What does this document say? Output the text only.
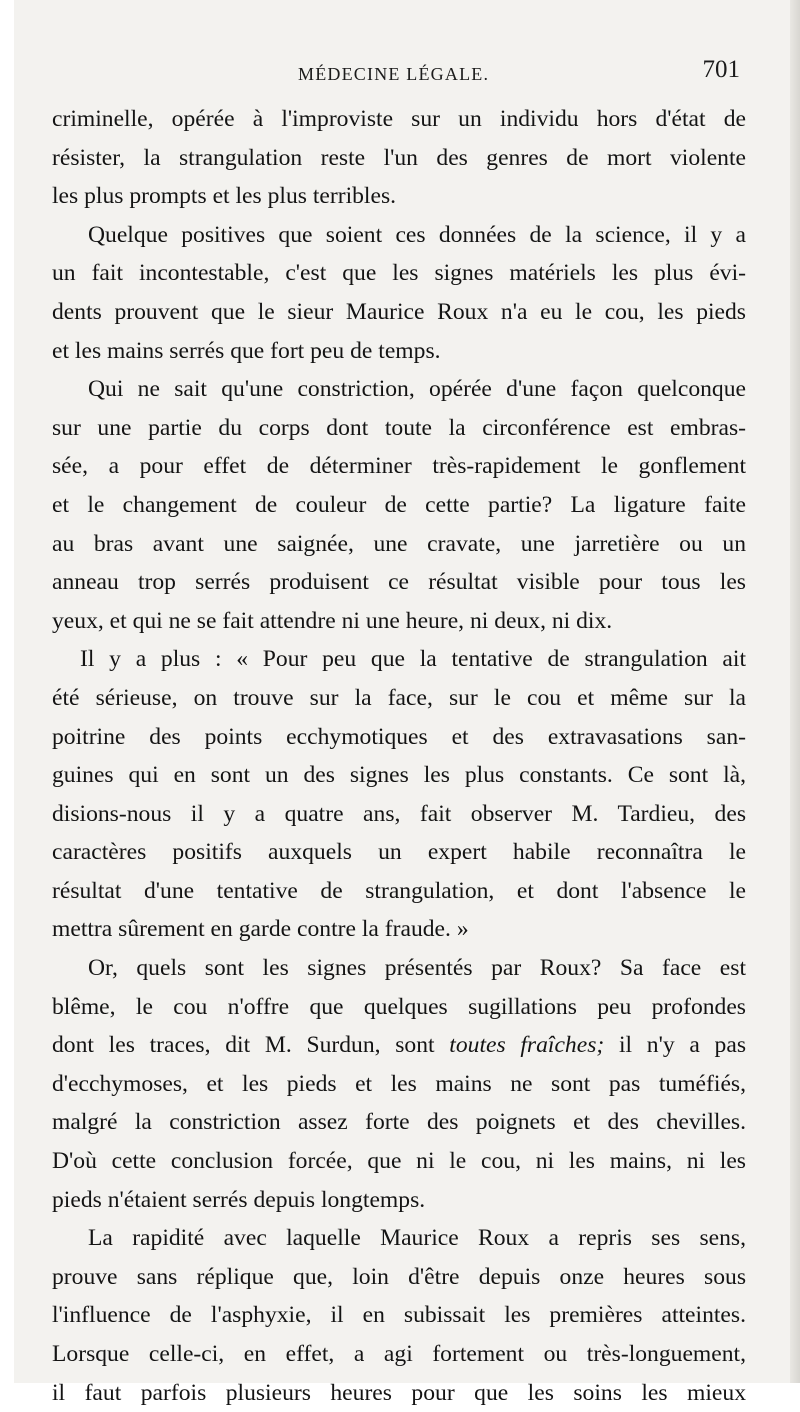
MÉDECINE LÉGALE.	701
criminelle, opérée à l'improviste sur un individu hors d'état de
résister, la strangulation reste l'un des genres de mort violente
les plus prompts et les plus terribles.
Quelque positives que soient ces données de la science, il y a
un fait incontestable, c'est que les signes matériels les plus évi-
dents prouvent que le sieur Maurice Roux n'a eu le cou, les pieds
et les mains serrés que fort peu de temps.
Qui ne sait qu'une constriction, opérée d'une façon quelconque
sur une partie du corps dont toute la circonférence est embras-
sée, a pour effet de déterminer très-rapidement le gonflement
et le changement de couleur de cette partie? La ligature faite
au bras avant une saignée, une cravate, une jarretière ou un
anneau trop serrés produisent ce résultat visible pour tous les
yeux, et qui ne se fait attendre ni une heure, ni deux, ni dix.
Il y a plus : « Pour peu que la tentative de strangulation ait
été sérieuse, on trouve sur la face, sur le cou et même sur la
poitrine des points ecchymotiques et des extravasations san-
guines qui en sont un des signes les plus constants. Ce sont là,
disions-nous il y a quatre ans, fait observer M. Tardieu, des
caractères positifs auxquels un expert habile reconnaîtra le
résultat d'une tentative de strangulation, et dont l'absence le
mettra sûrement en garde contre la fraude. »
Or, quels sont les signes présentés par Roux? Sa face est
blême, le cou n'offre que quelques sugillations peu profondes
dont les traces, dit M. Surdun, sont toutes fraîches; il n'y a pas
d'ecchymoses, et les pieds et les mains ne sont pas tuméfiés,
malgré la constriction assez forte des poignets et des chevilles.
D'où cette conclusion forcée, que ni le cou, ni les mains, ni les
pieds n'étaient serrés depuis longtemps.
La rapidité avec laquelle Maurice Roux a repris ses sens,
prouve sans réplique que, loin d'être depuis onze heures sous
l'influence de l'asphyxie, il en subissait les premières atteintes.
Lorsque celle-ci, en effet, a agi fortement ou très-longuement,
il faut parfois plusieurs heures pour que les soins les mieux
